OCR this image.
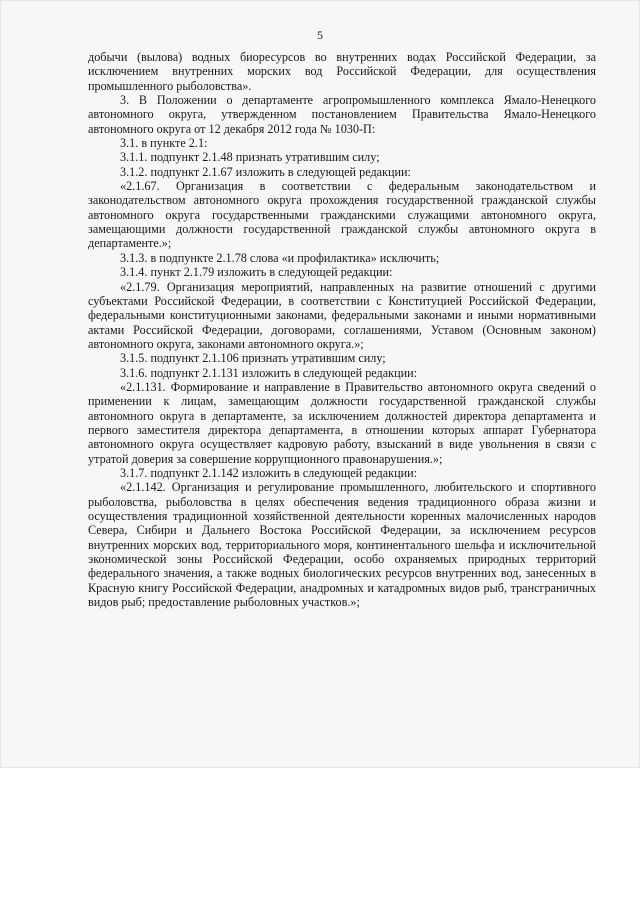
5

добычи (вылова) водных биоресурсов во внутренних водах Российской Федерации, за исключением внутренних морских вод Российской Федерации, для осуществления промышленного рыболовства».

3. В Положении о департаменте агропромышленного комплекса Ямало-Ненецкого автономного округа, утвержденном постановлением Правительства Ямало-Ненецкого автономного округа от 12 декабря 2012 года № 1030-П:

3.1. в пункте 2.1:

3.1.1. подпункт 2.1.48 признать утратившим силу;

3.1.2. подпункт 2.1.67 изложить в следующей редакции:

«2.1.67. Организация в соответствии с федеральным законодательством и законодательством автономного округа прохождения государственной гражданской службы автономного округа государственными гражданскими служащими автономного округа, замещающими должности государственной гражданской службы автономного округа в департаменте.»;

3.1.3. в подпункте 2.1.78 слова «и профилактика» исключить;

3.1.4. пункт 2.1.79 изложить в следующей редакции:

«2.1.79. Организация мероприятий, направленных на развитие отношений с другими субъектами Российской Федерации, в соответствии с Конституцией Российской Федерации, федеральными конституционными законами, федеральными законами и иными нормативными актами Российской Федерации, договорами, соглашениями, Уставом (Основным законом) автономного округа, законами автономного округа.»;

3.1.5. подпункт 2.1.106 признать утратившим силу;

3.1.6. подпункт 2.1.131 изложить в следующей редакции:

«2.1.131. Формирование и направление в Правительство автономного округа сведений о применении к лицам, замещающим должности государственной гражданской службы автономного округа в департаменте, за исключением должностей директора департамента и первого заместителя директора департамента, в отношении которых аппарат Губернатора автономного округа осуществляет кадровую работу, взысканий в виде увольнения в связи с утратой доверия за совершение коррупционного правонарушения.»;

3.1.7. подпункт 2.1.142 изложить в следующей редакции:

«2.1.142. Организация и регулирование промышленного, любительского и спортивного рыболовства, рыболовства в целях обеспечения ведения традиционного образа жизни и осуществления традиционной хозяйственной деятельности коренных малочисленных народов Севера, Сибири и Дальнего Востока Российской Федерации, за исключением ресурсов внутренних морских вод, территориального моря, континентального шельфа и исключительной экономической зоны Российской Федерации, особо охраняемых природных территорий федерального значения, а также водных биологических ресурсов внутренних вод, занесенных в Красную книгу Российской Федерации, анадромных и катадромных видов рыб, трансграничных видов рыб; предоставление рыболовных участков.»;
